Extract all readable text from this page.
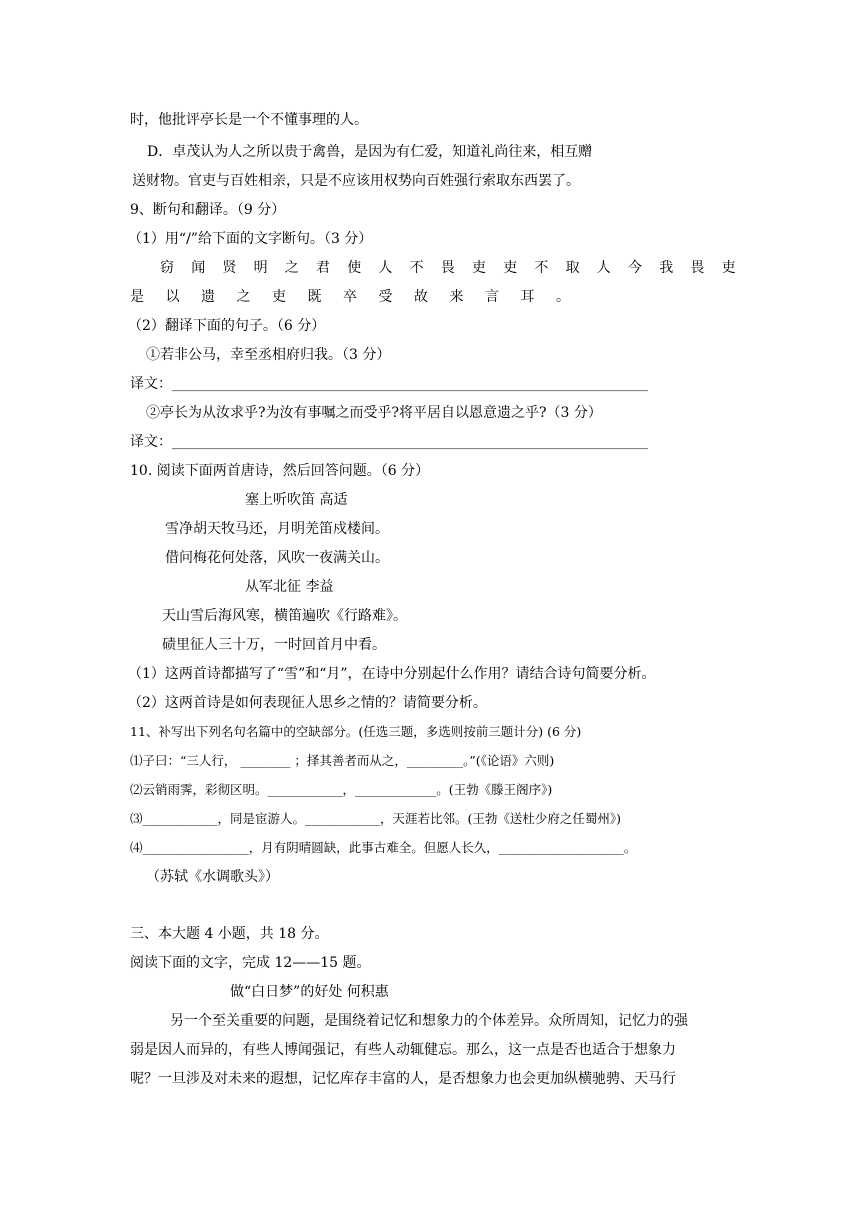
时，他批评亭长是一个不懂事理的人。
D．卓茂认为人之所以贵于禽兽，是因为有仁爱，知道礼尚往来，相互赠
送财物。官吏与百姓相亲，只是不应该用权势向百姓强行索取东西罢了。
9、断句和翻译。（9 分）
（1）用“/”给下面的文字断句。（3 分）
窃闻贤明之君使人不畏吏吏不取人今我畏吏
是以遗之吏既卒受故来言耳。
（2）翻译下面的句子。（6 分）
①若非公马，幸至丞相府归我。（3 分）
译文：____________________________________________________________________
②亭长为从汝求乎?为汝有事嘱之而受乎?将平居自以恩意遗之乎?（3 分）
译文：____________________________________________________________________
10. 阅读下面两首唐诗，然后回答问题。（6 分）
塞上听吹笛 高适
雪净胡天牧马还，月明羌笛戍楼间。
借问梅花何处落，风吹一夜满关山。
从军北征 李益
天山雪后海风寒，横笛遍吹《行路难》。
碛里征人三十万，一时回首月中看。
（1）这两首诗都描写了“雪”和“月”，在诗中分别起什么作用？请结合诗句简要分析。
（2）这两首诗是如何表现征人思乡之情的？请简要分析。
11、补写出下列名句名篇中的空缺部分。(任选三题，多选则按前三题计分) (6 分)
⑴子曰：“三人行， ________ ；择其善者而从之，_________。”(《论语》六则)
⑵云销雨霁，彩彻区明。____________，_____________。(王勃《滕王阁序》)
⑶____________，同是宦游人。____________，天涯若比邻。(王勃《送杜少府之任蜀州》)
⑷_________________，月有阴晴圆缺，此事古难全。但愿人长久，____________________。
（苏轼《水调歌头》）
三、本大题 4 小题，共 18 分。
阅读下面的文字，完成 12——15 题。
做“白日梦”的好处 何积惠
另一个至关重要的问题，是围绕着记忆和想象力的个体差异。众所周知，记忆力的强
弱是因人而异的，有些人博闻强记，有些人动辄健忘。那么，这一点是否也适合于想象力
呢？一旦涉及对未来的遐想，记忆库存丰富的人，是否想象力也会更加纵横驰骋、天马行
